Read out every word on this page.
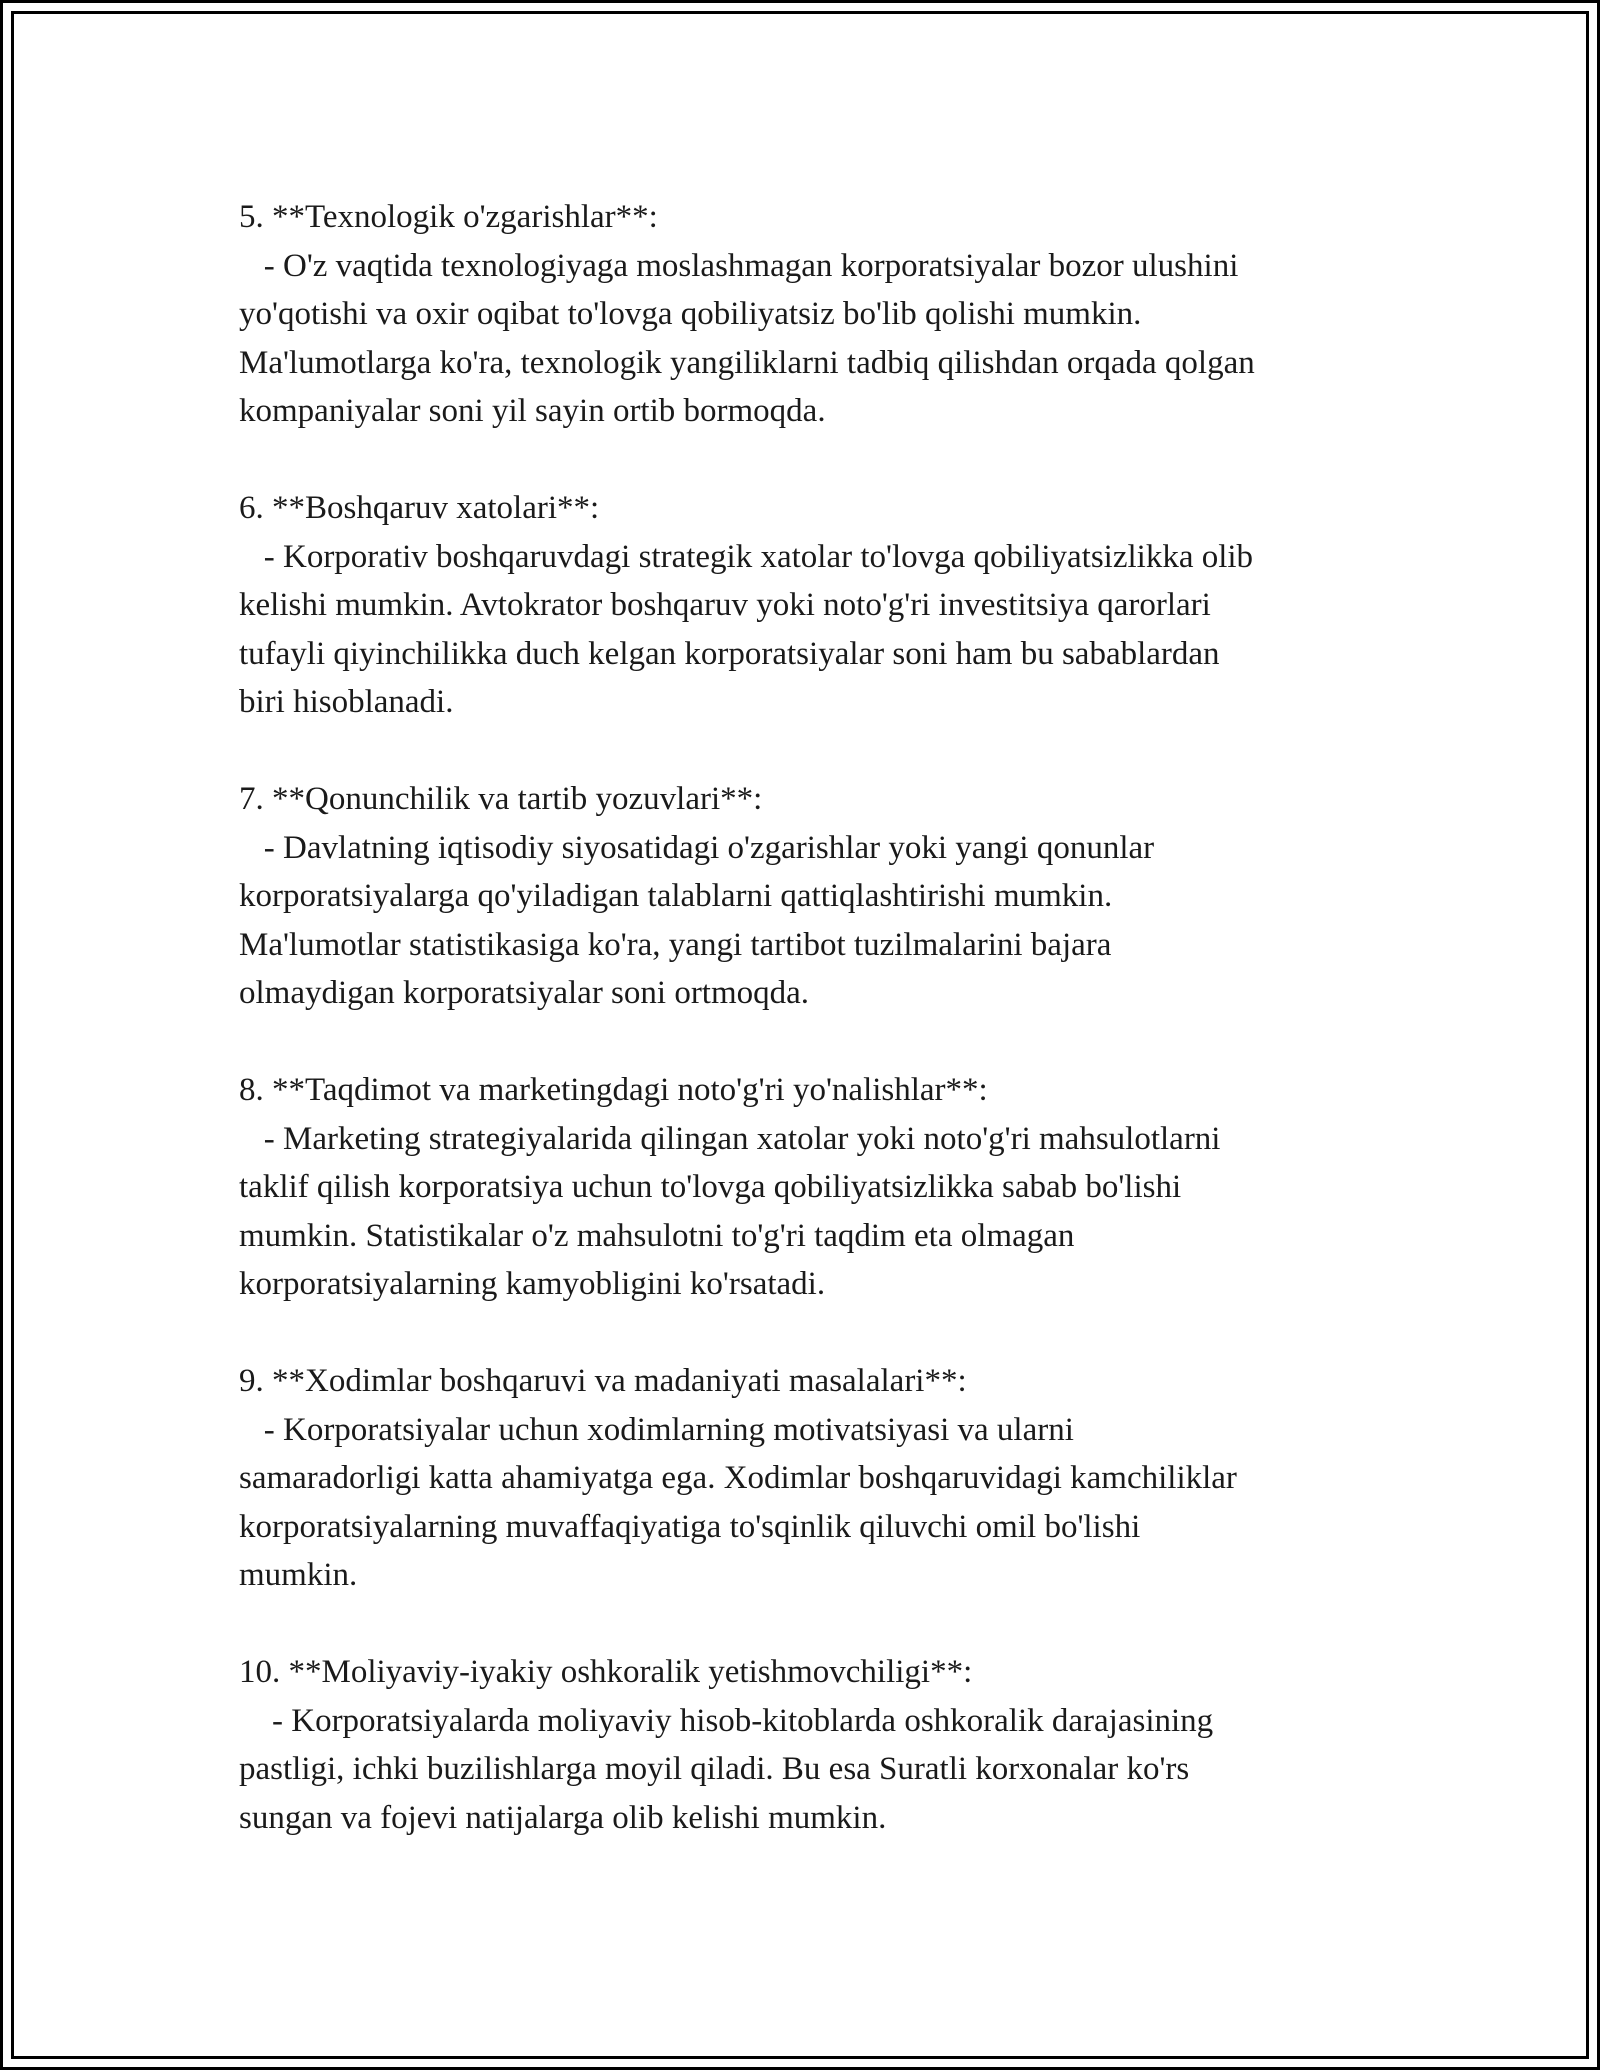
5. **Texnologik o'zgarishlar**:
- O'z vaqtida texnologiyaga moslashmagan korporatsiyalar bozor ulushini
yo'qotishi va oxir oqibat to'lovga qobiliyatsiz bo'lib qolishi mumkin.
Ma'lumotlarga ko'ra, texnologik yangiliklarni tadbiq qilishdan orqada qolgan
kompaniyalar soni yil sayin ortib bormoqda.
6. **Boshqaruv xatolari**:
- Korporativ boshqaruvdagi strategik xatolar to'lovga qobiliyatsizlikka olib
kelishi mumkin. Avtokrator boshqaruv yoki noto'g'ri investitsiya qarorlari
tufayli qiyinchilikka duch kelgan korporatsiyalar soni ham bu sabablardan
biri hisoblanadi.
7. **Qonunchilik va tartib yozuvlari**:
- Davlatning iqtisodiy siyosatidagi o'zgarishlar yoki yangi qonunlar
korporatsiyalarga qo'yiladigan talablarni qattiqlashtirishi mumkin.
Ma'lumotlar statistikasiga ko'ra, yangi tartibot tuzilmalarini bajara
olmaydigan korporatsiyalar soni ortmoqda.
8. **Taqdimot va marketingdagi noto'g'ri yo'nalishlar**:
- Marketing strategiyalarida qilingan xatolar yoki noto'g'ri mahsulotlarni
taklif qilish korporatsiya uchun to'lovga qobiliyatsizlikka sabab bo'lishi
mumkin. Statistikalar o'z mahsulotni to'g'ri taqdim eta olmagan
korporatsiyalarning kamyobligini ko'rsatadi.
9. **Xodimlar boshqaruvi va madaniyati masalalari**:
- Korporatsiyalar uchun xodimlarning motivatsiyasi va ularni
samaradorligi katta ahamiyatga ega. Xodimlar boshqaruvidagi kamchiliklar
korporatsiyalarning muvaffaqiyatiga to'sqinlik qiluvchi omil bo'lishi
mumkin.
10. **Moliyaviy-iyakiy oshkoralik yetishmovchiligi**:
- Korporatsiyalarda moliyaviy hisob-kitoblarda oshkoralik darajasining
pastligi, ichki buzilishlarga moyil qiladi. Bu esa Suratli korxonalar ko'rs
sungan va fojevi natijalarga olib kelishi mumkin.
